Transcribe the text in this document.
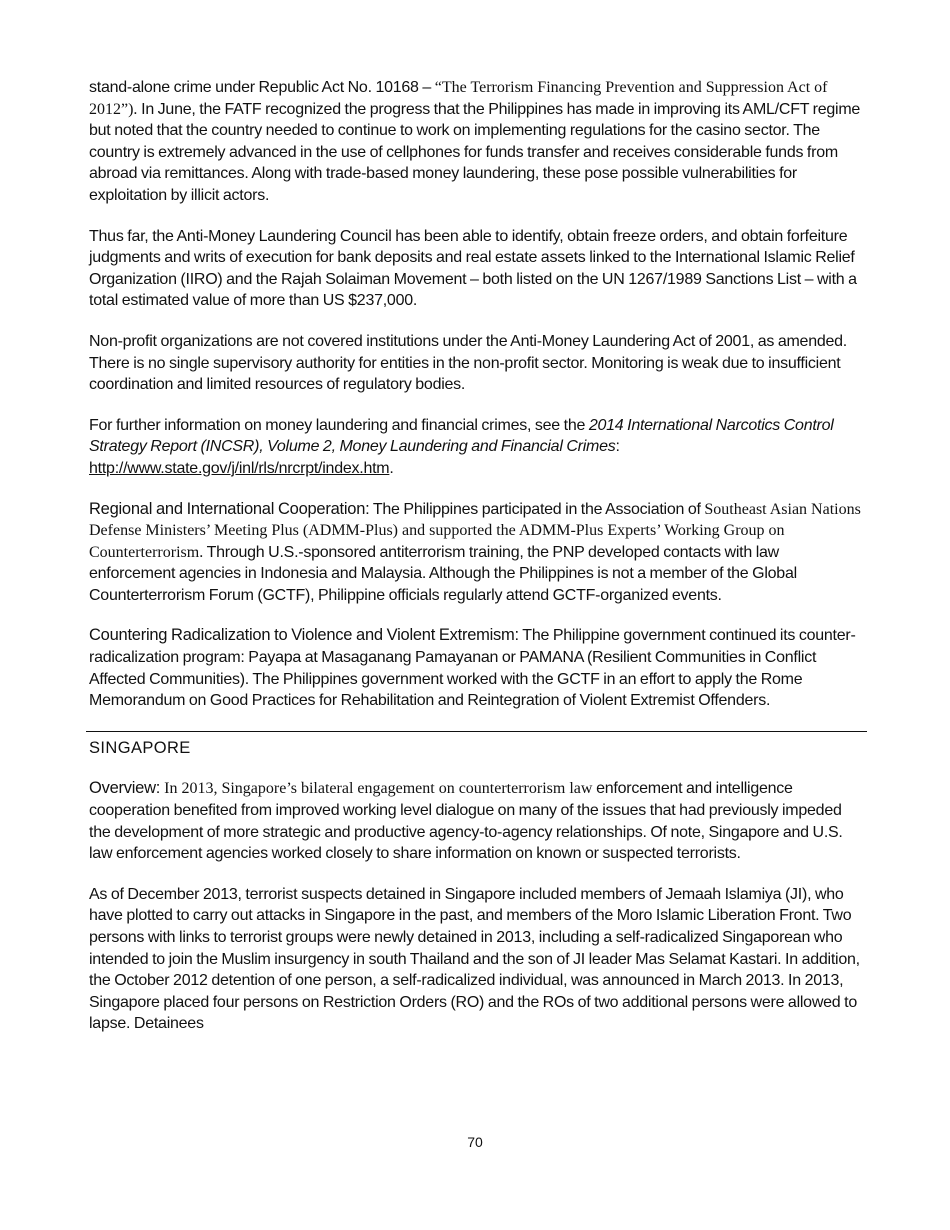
stand-alone crime under Republic Act No. 10168 – “The Terrorism Financing Prevention and Suppression Act of 2012”). In June, the FATF recognized the progress that the Philippines has made in improving its AML/CFT regime but noted that the country needed to continue to work on implementing regulations for the casino sector. The country is extremely advanced in the use of cellphones for funds transfer and receives considerable funds from abroad via remittances. Along with trade-based money laundering, these pose possible vulnerabilities for exploitation by illicit actors.

Thus far, the Anti-Money Laundering Council has been able to identify, obtain freeze orders, and obtain forfeiture judgments and writs of execution for bank deposits and real estate assets linked to the International Islamic Relief Organization (IIRO) and the Rajah Solaiman Movement – both listed on the UN 1267/1989 Sanctions List – with a total estimated value of more than US $237,000.

Non-profit organizations are not covered institutions under the Anti-Money Laundering Act of 2001, as amended. There is no single supervisory authority for entities in the non-profit sector. Monitoring is weak due to insufficient coordination and limited resources of regulatory bodies.

For further information on money laundering and financial crimes, see the 2014 International Narcotics Control Strategy Report (INCSR), Volume 2, Money Laundering and Financial Crimes: http://www.state.gov/j/inl/rls/nrcrpt/index.htm.

Regional and International Cooperation: The Philippines participated in the Association of Southeast Asian Nations Defense Ministers’ Meeting Plus (ADMM-Plus) and supported the ADMM-Plus Experts’ Working Group on Counterterrorism. Through U.S.-sponsored antiterrorism training, the PNP developed contacts with law enforcement agencies in Indonesia and Malaysia. Although the Philippines is not a member of the Global Counterterrorism Forum (GCTF), Philippine officials regularly attend GCTF-organized events.

Countering Radicalization to Violence and Violent Extremism: The Philippine government continued its counter-radicalization program: Payapa at Masaganang Pamayanan or PAMANA (Resilient Communities in Conflict Affected Communities). The Philippines government worked with the GCTF in an effort to apply the Rome Memorandum on Good Practices for Rehabilitation and Reintegration of Violent Extremist Offenders.

SINGAPORE

Overview: In 2013, Singapore’s bilateral engagement on counterterrorism law enforcement and intelligence cooperation benefited from improved working level dialogue on many of the issues that had previously impeded the development of more strategic and productive agency-to-agency relationships. Of note, Singapore and U.S. law enforcement agencies worked closely to share information on known or suspected terrorists.

As of December 2013, terrorist suspects detained in Singapore included members of Jemaah Islamiya (JI), who have plotted to carry out attacks in Singapore in the past, and members of the Moro Islamic Liberation Front. Two persons with links to terrorist groups were newly detained in 2013, including a self-radicalized Singaporean who intended to join the Muslim insurgency in south Thailand and the son of JI leader Mas Selamat Kastari. In addition, the October 2012 detention of one person, a self-radicalized individual, was announced in March 2013. In 2013, Singapore placed four persons on Restriction Orders (RO) and the ROs of two additional persons were allowed to lapse. Detainees

70
